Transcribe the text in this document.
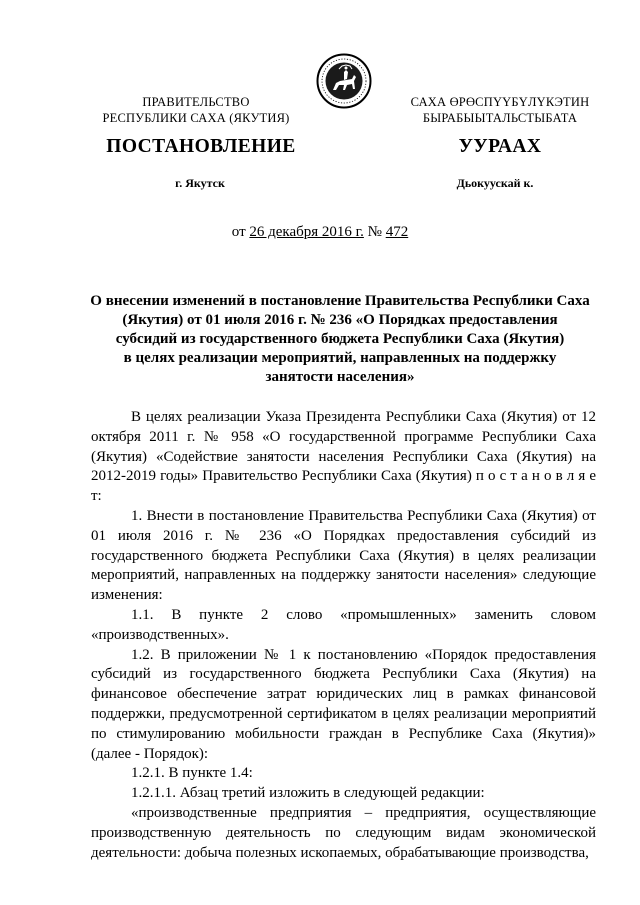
ПРАВИТЕЛЬСТВО
РЕСПУБЛИКИ САХА (ЯКУТИЯ)
САХА ӨРӨСПҮҮБҮЛҮКЭТИН
БЫРАБЫЫТАЛЬСТЫБАТА
ПОСТАНОВЛЕНИЕ	УУРААХ
г. Якутск	Дьокуускай к.
от 26 декабря 2016 г. № 472
О внесении изменений в постановление Правительства Республики Саха
(Якутия) от 01 июля 2016 г. № 236 «О Порядках предоставления
субсидий из государственного бюджета Республики Саха (Якутия)
в целях реализации мероприятий, направленных на поддержку
занятости населения»

В целях реализации Указа Президента Республики Саха (Якутия) от 12 октября 2011 г. № 958 «О государственной программе Республики Саха (Якутия) «Содействие занятости населения Республики Саха (Якутия) на 2012-2019 годы» Правительство Республики Саха (Якутия) п о с т а н о в л я е т:

1. Внести в постановление Правительства Республики Саха (Якутия) от 01 июля 2016 г. № 236 «О Порядках предоставления субсидий из государственного бюджета Республики Саха (Якутия) в целях реализации мероприятий, направленных на поддержку занятости населения» следующие изменения:

1.1. В пункте 2 слово «промышленных» заменить словом «производственных».

1.2. В приложении № 1 к постановлению «Порядок предоставления субсидий из государственного бюджета Республики Саха (Якутия) на финансовое обеспечение затрат юридических лиц в рамках финансовой поддержки, предусмотренной сертификатом в целях реализации мероприятий по стимулированию мобильности граждан в Республике Саха (Якутия)» (далее - Порядок):

1.2.1. В пункте 1.4:

1.2.1.1. Абзац третий изложить в следующей редакции:

«производственные предприятия – предприятия, осуществляющие производственную деятельность по следующим видам экономической деятельности: добыча полезных ископаемых, обрабатывающие производства,
